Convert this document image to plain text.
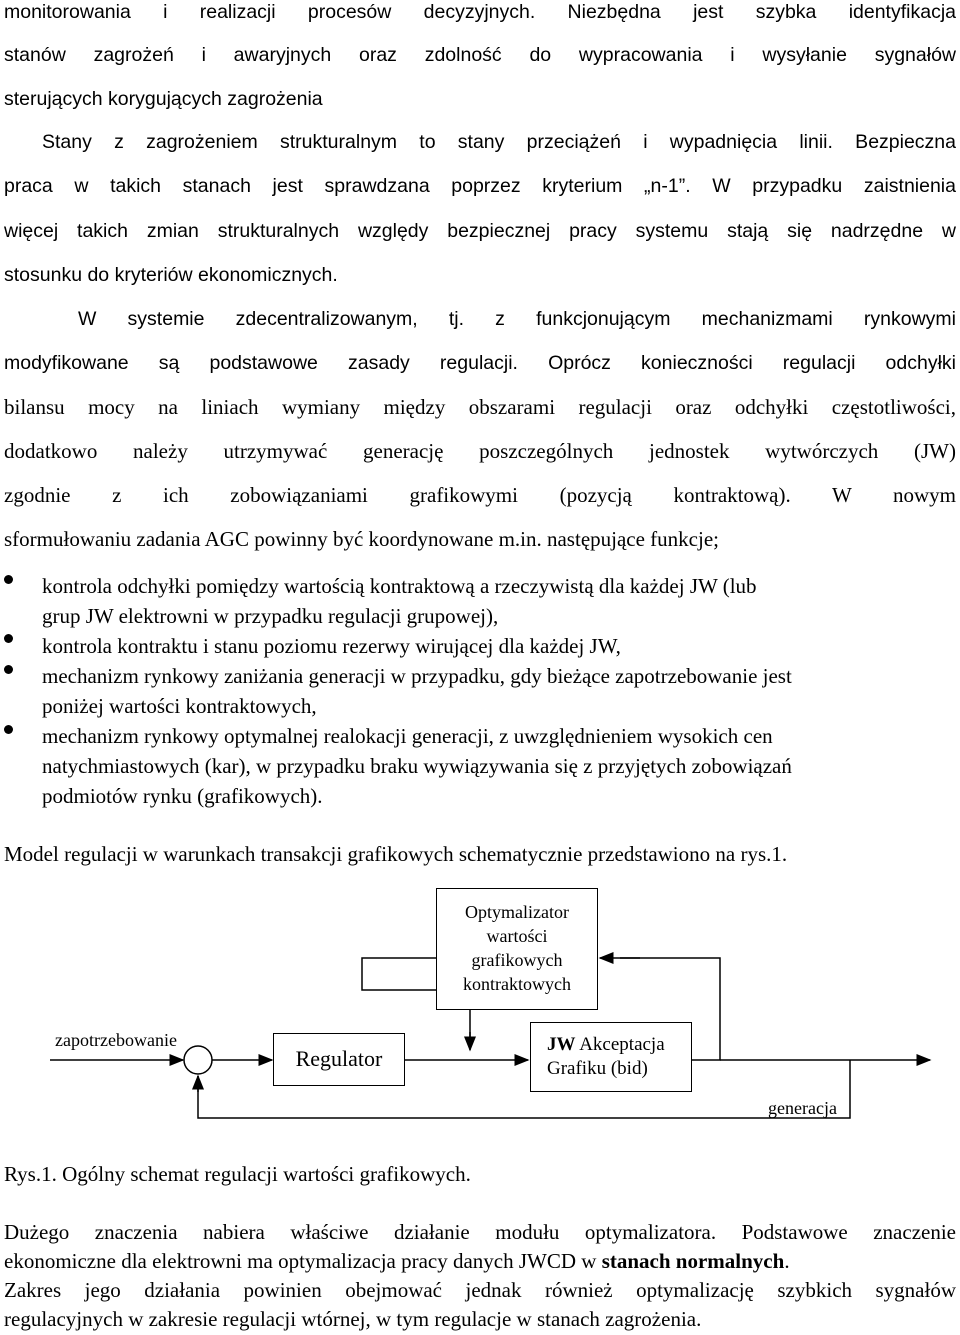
monitorowania i realizacji procesów decyzyjnych. Niezbędna jest szybka identyfikacja
stanów zagrożeń i awaryjnych oraz zdolność do wypracowania i wysyłanie sygnałów
sterujących korygujących zagrożenia
Stany z zagrożeniem strukturalnym to stany przeciążeń i wypadnięcia linii. Bezpieczna
praca w takich stanach jest sprawdzana poprzez kryterium „n-1”. W przypadku zaistnienia
więcej takich zmian strukturalnych względy bezpiecznej pracy systemu stają się nadrzędne w
stosunku do kryteriów ekonomicznych.
W systemie zdecentralizowanym, tj. z funkcjonującym mechanizmami rynkowymi
modyfikowane są podstawowe zasady regulacji. Oprócz konieczności regulacji odchyłki
bilansu mocy na liniach wymiany między obszarami regulacji oraz odchyłki częstotliwości,
dodatkowo należy utrzymywać generację poszczególnych jednostek wytwórczych (JW)
zgodnie z ich zobowiązaniami grafikowymi (pozycją kontraktową). W nowym
sformułowaniu zadania AGC powinny być koordynowane m.in. następujące funkcje;
kontrola odchyłki pomiędzy wartością kontraktową a rzeczywistą dla każdej JW (lub
grup JW elektrowni w przypadku regulacji grupowej),
kontrola kontraktu i stanu poziomu rezerwy wirującej dla każdej JW,
mechanizm rynkowy zaniżania generacji w przypadku, gdy bieżące zapotrzebowanie jest
poniżej wartości kontraktowych,
mechanizm rynkowy optymalnej realokacji generacji, z uwzględnieniem wysokich cen
natychmiastowych (kar), w przypadku braku wywiązywania się z przyjętych zobowiązań
podmiotów rynku (grafikowych).
Model regulacji w warunkach transakcji grafikowych schematycznie przedstawiono na rys.1.
Optymalizator
wartości
grafikowych
kontraktowych
zapotrzebowanie
Regulator
JW Akceptacja
Grafiku (bid)
generacja
Rys.1. Ogólny schemat regulacji wartości grafikowych.
Dużego znaczenia nabiera właściwe działanie modułu optymalizatora. Podstawowe znaczenie
ekonomiczne dla elektrowni ma optymalizacja pracy danych JWCD w stanach normalnych.
Zakres jego działania powinien obejmować jednak również optymalizację szybkich sygnałów
regulacyjnych w zakresie regulacji wtórnej, w tym regulacje w stanach zagrożenia.
